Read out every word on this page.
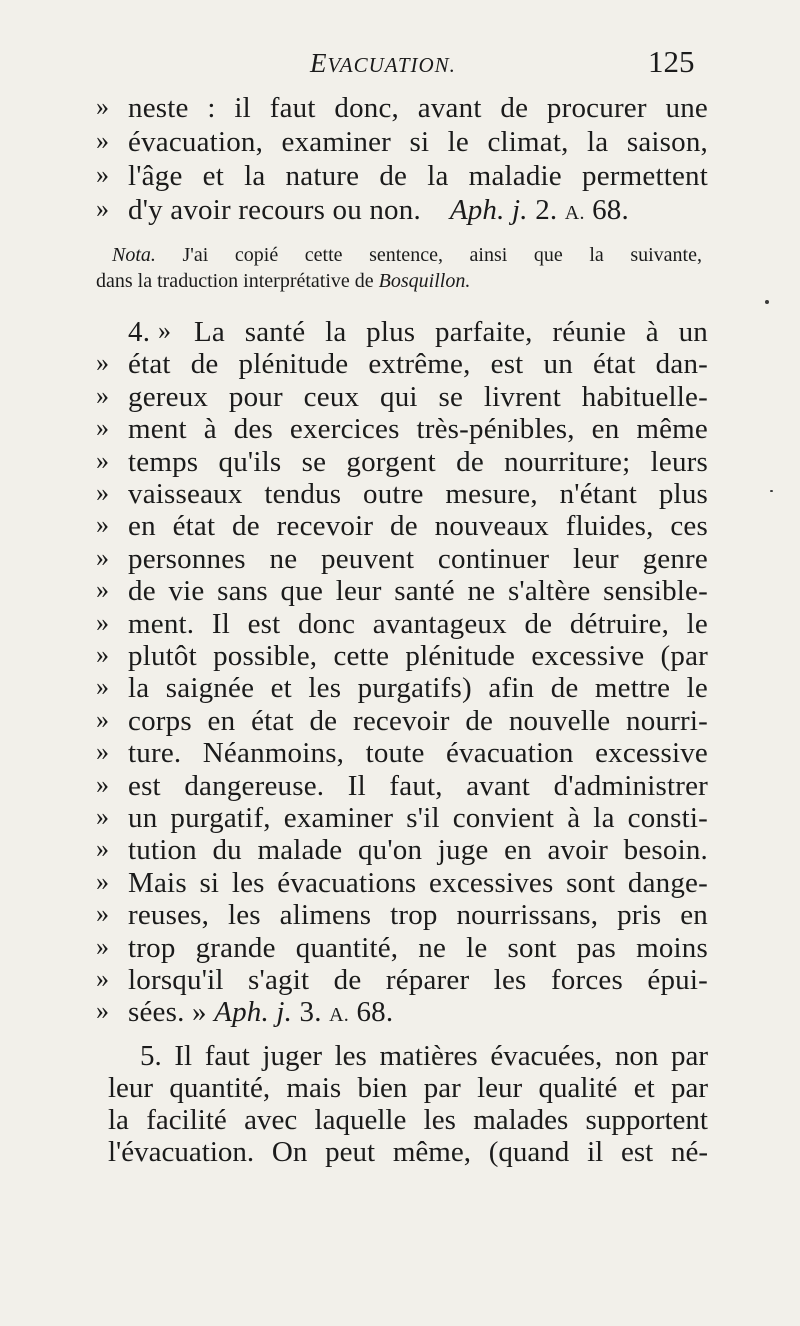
EVACUATION.	125
» neste : il faut donc, avant de procurer une
» évacuation, examiner si le climat, la saison,
» l'âge et la nature de la maladie permettent
» d'y avoir recours ou non. Aph. j. 2. A. 68.
Nota. J'ai copié cette sentence, ainsi que la suivante,
dans la traduction interprétative de Bosquillon.
4. » La santé la plus parfaite, réunie à un
» état de plénitude extrême, est un état dan-
» gereux pour ceux qui se livrent habituelle-
» ment à des exercices très-pénibles, en même
» temps qu'ils se gorgent de nourriture; leurs
» vaisseaux tendus outre mesure, n'étant plus
» en état de recevoir de nouveaux fluides, ces
» personnes ne peuvent continuer leur genre
» de vie sans que leur santé ne s'altère sensible-
» ment. Il est donc avantageux de détruire, le
» plutôt possible, cette plénitude excessive (par
» la saignée et les purgatifs) afin de mettre le
» corps en état de recevoir de nouvelle nourri-
» ture. Néanmoins, toute évacuation excessive
» est dangereuse. Il faut, avant d'administrer
» un purgatif, examiner s'il convient à la consti-
» tution du malade qu'on juge en avoir besoin.
» Mais si les évacuations excessives sont dange-
» reuses, les alimens trop nourrissans, pris en
» trop grande quantité, ne le sont pas moins
» lorsqu'il s'agit de réparer les forces épui-
» sées. » Aph. j. 3. A. 68.
5. Il faut juger les matières évacuées, non par
leur quantité, mais bien par leur qualité et par
la facilité avec laquelle les malades supportent
l'évacuation. On peut même, (quand il est né-
